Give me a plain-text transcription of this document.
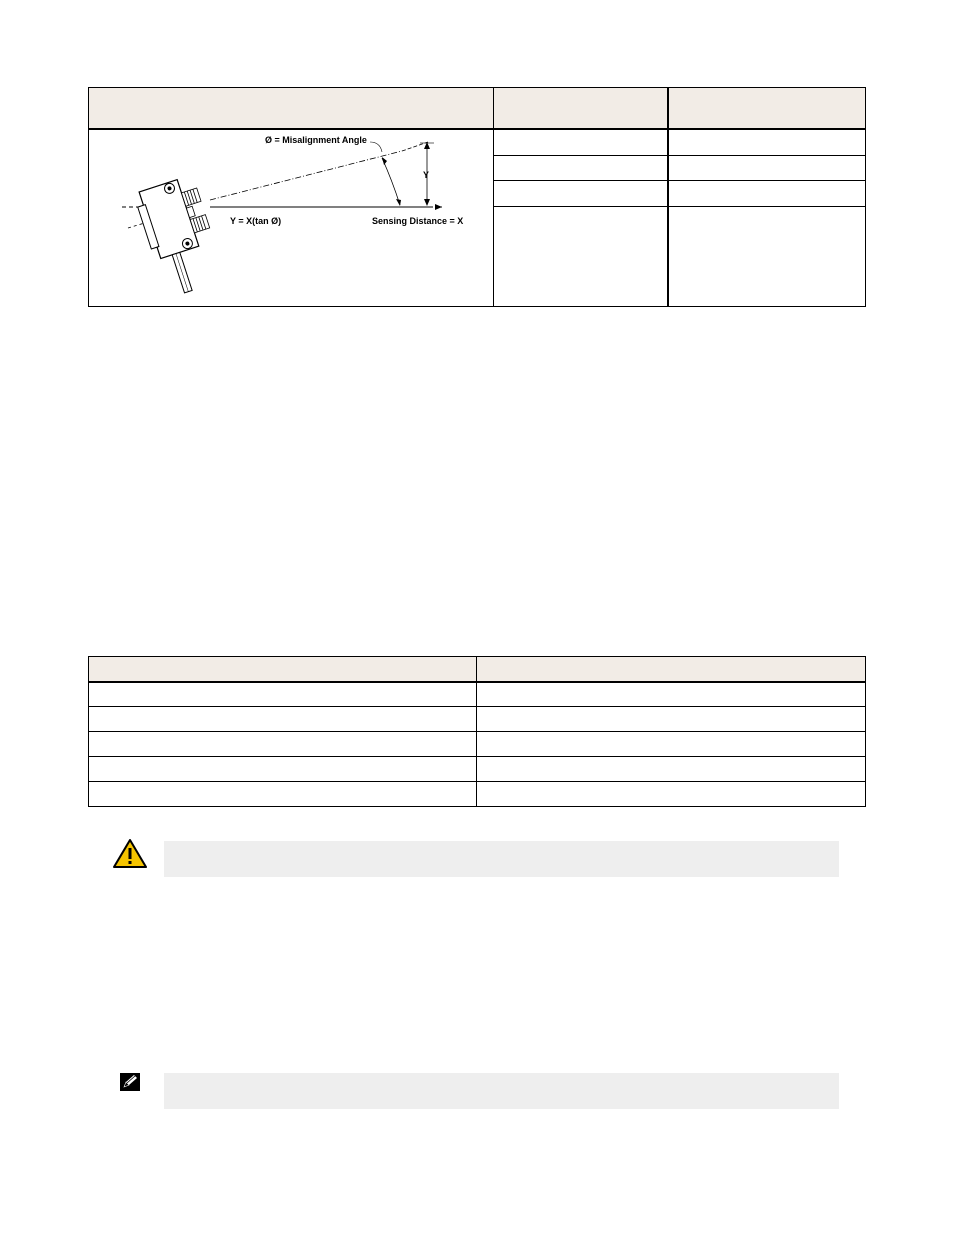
Ø = Misalignment Angle
Y
Y = X(tan Ø)	Sensing Distance = X
